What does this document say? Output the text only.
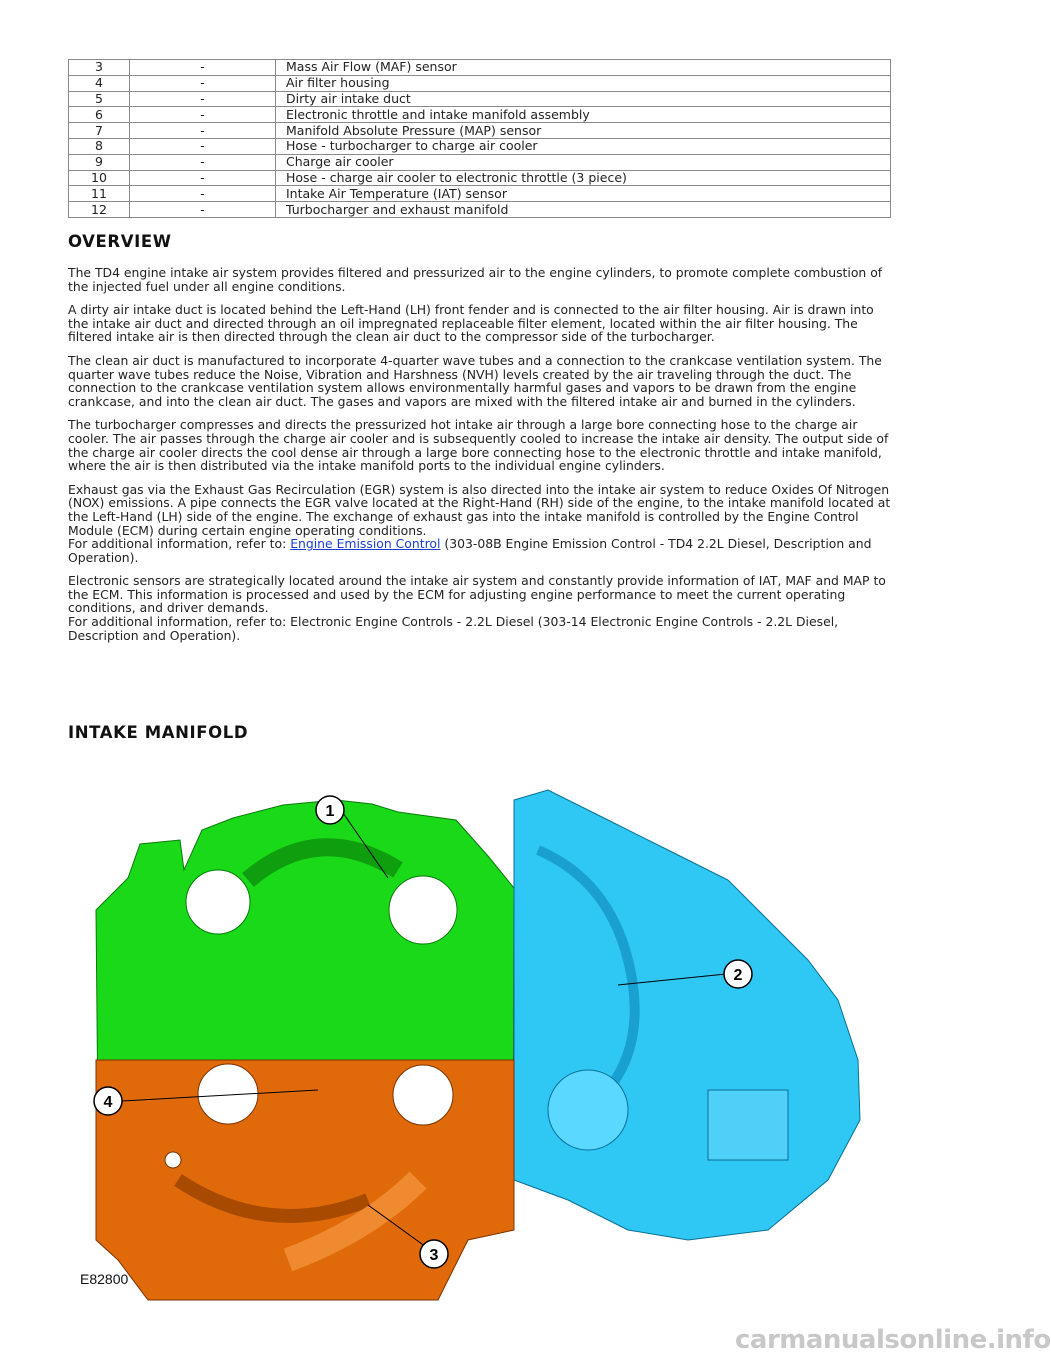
3	-	Mass Air Flow (MAF) sensor
4	-	Air filter housing
5	-	Dirty air intake duct
6	-	Electronic throttle and intake manifold assembly
7	-	Manifold Absolute Pressure (MAP) sensor
8	-	Hose - turbocharger to charge air cooler
9	-	Charge air cooler
10	-	Hose - charge air cooler to electronic throttle (3 piece)
11	-	Intake Air Temperature (IAT) sensor
12	-	Turbocharger and exhaust manifold
OVERVIEW

The TD4 engine intake air system provides filtered and pressurized air to the engine cylinders, to promote complete combustion of the injected fuel under all engine conditions.

A dirty air intake duct is located behind the Left-Hand (LH) front fender and is connected to the air filter housing. Air is drawn into the intake air duct and directed through an oil impregnated replaceable filter element, located within the air filter housing. The filtered intake air is then directed through the clean air duct to the compressor side of the turbocharger.

The clean air duct is manufactured to incorporate 4-quarter wave tubes and a connection to the crankcase ventilation system. The quarter wave tubes reduce the Noise, Vibration and Harshness (NVH) levels created by the air traveling through the duct. The connection to the crankcase ventilation system allows environmentally harmful gases and vapors to be drawn from the engine crankcase, and into the clean air duct. The gases and vapors are mixed with the filtered intake air and burned in the cylinders.

The turbocharger compresses and directs the pressurized hot intake air through a large bore connecting hose to the charge air cooler. The air passes through the charge air cooler and is subsequently cooled to increase the intake air density. The output side of the charge air cooler directs the cool dense air through a large bore connecting hose to the electronic throttle and intake manifold, where the air is then distributed via the intake manifold ports to the individual engine cylinders.

Exhaust gas via the Exhaust Gas Recirculation (EGR) system is also directed into the intake air system to reduce Oxides Of Nitrogen (NOX) emissions. A pipe connects the EGR valve located at the Right-Hand (RH) side of the engine, to the intake manifold located at the Left-Hand (LH) side of the engine. The exchange of exhaust gas into the intake manifold is controlled by the Engine Control Module (ECM) during certain engine operating conditions.
For additional information, refer to: Engine Emission Control (303-08B Engine Emission Control - TD4 2.2L Diesel, Description and Operation).

Electronic sensors are strategically located around the intake air system and constantly provide information of IAT, MAF and MAP to the ECM. This information is processed and used by the ECM for adjusting engine performance to meet the current operating conditions, and driver demands.
For additional information, refer to: Electronic Engine Controls - 2.2L Diesel (303-14 Electronic Engine Controls - 2.2L Diesel, Description and Operation).

INTAKE MANIFOLD
1
2
3
4
E82800
carmanualsonline.info
